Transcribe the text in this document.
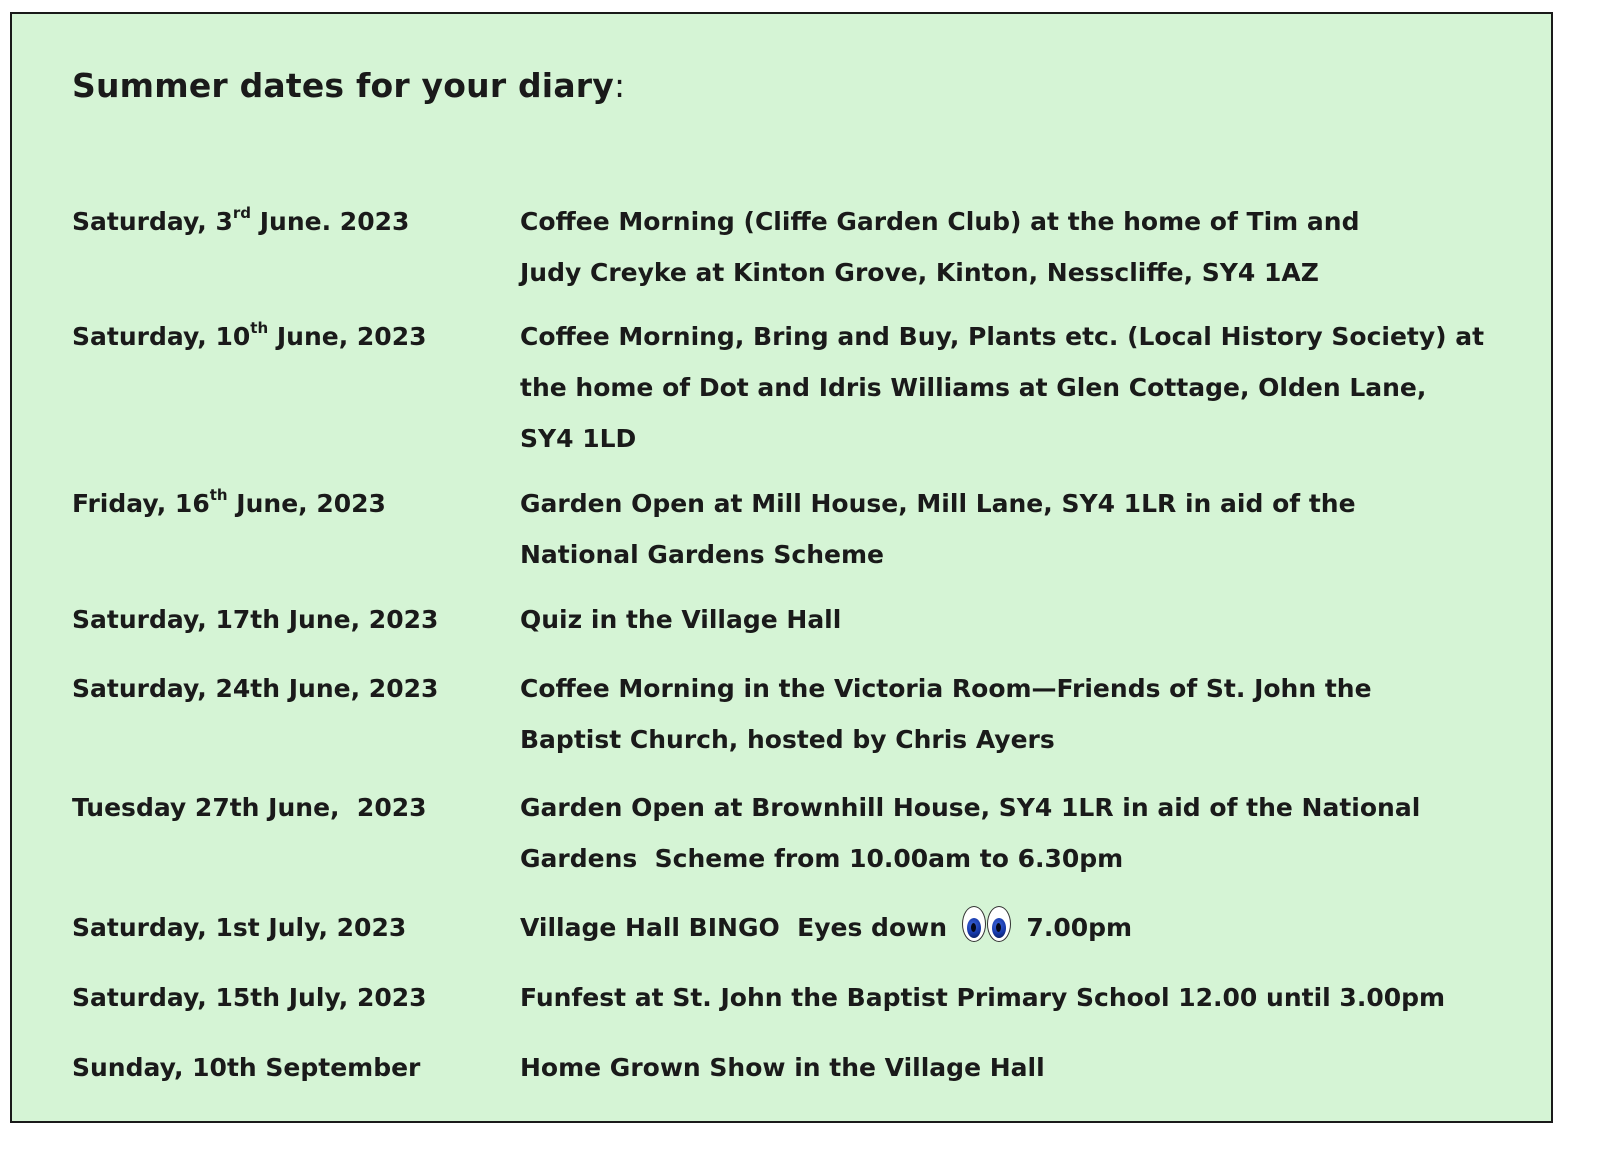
Summer dates for your diary:
Saturday, 3rd June. 2023	Coffee Morning (Cliffe Garden Club) at the home of Tim and
Judy Creyke at Kinton Grove, Kinton, Nesscliffe, SY4 1AZ
Saturday, 10th June, 2023	Coffee Morning, Bring and Buy, Plants etc. (Local History Society) at
the home of Dot and Idris Williams at Glen Cottage, Olden Lane,
SY4 1LD
Friday, 16th June, 2023	Garden Open at Mill House, Mill Lane, SY4 1LR in aid of the
National Gardens Scheme
Saturday, 17th June, 2023	Quiz in the Village Hall
Saturday, 24th June, 2023	Coffee Morning in the Victoria Room—Friends of St. John the
Baptist Church, hosted by Chris Ayers
Tuesday 27th June,  2023	Garden Open at Brownhill House, SY4 1LR in aid of the National
Gardens  Scheme from 10.00am to 6.30pm
Saturday, 1st July, 2023	Village Hall BINGO  Eyes down
7.00pm
Saturday, 15th July, 2023	Funfest at St. John the Baptist Primary School 12.00 until 3.00pm
Sunday, 10th September	Home Grown Show in the Village Hall
